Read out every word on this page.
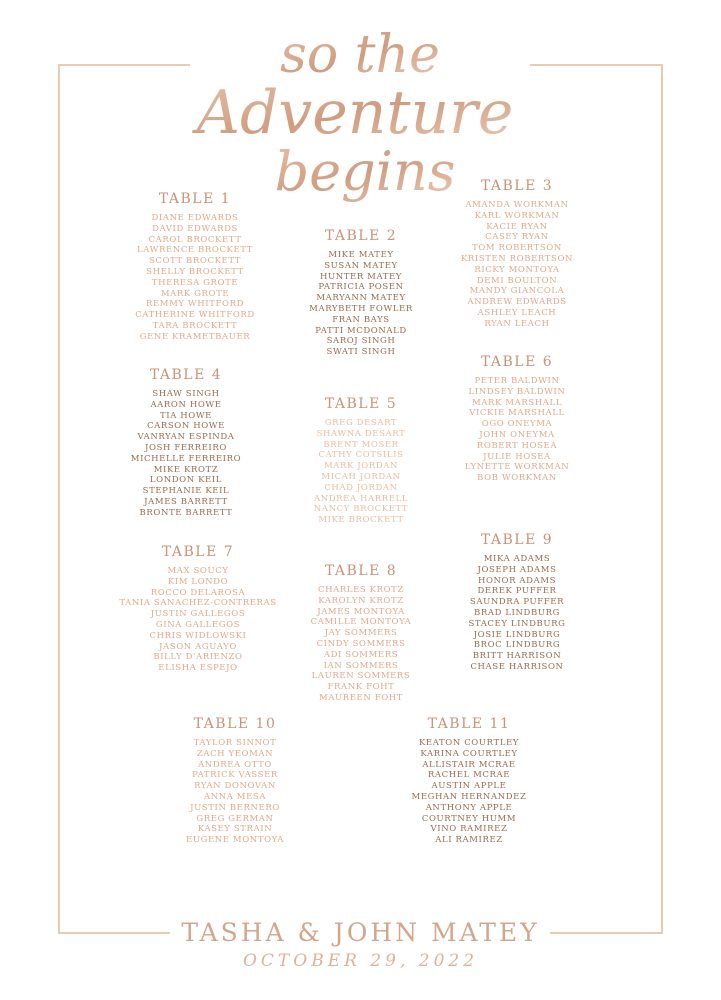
so the
Adventure
begins
TABLE 1
DIANE EDWARDS
DAVID EDWARDS
CAROL BROCKETT
LAWRENCE BROCKETT
SCOTT BROCKETT
SHELLY BROCKETT
THERESA GROTE
MARK GROTE
REMMY WHITFORD
CATHERINE WHITFORD
TARA BROCKETT
GENE KRAMETBAUER
TABLE 2
MIKE MATEY
SUSAN MATEY
HUNTER MATEY
PATRICIA POSEN
MARYANN MATEY
MARYBETH FOWLER
FRAN BAYS
PATTI MCDONALD
SAROJ SINGH
SWATI SINGH
TABLE 3
AMANDA WORKMAN
KARL WORKMAN
KACIE RYAN
CASEY RYAN
TOM ROBERTSON
KRISTEN ROBERTSON
RICKY MONTOYA
DEMI BOULTON
MANDY GIANCOLA
ANDREW EDWARDS
ASHLEY LEACH
RYAN LEACH
TABLE 4
SHAW SINGH
AARON HOWE
TIA HOWE
CARSON HOWE
VANRYAN ESPINDA
JOSH FERREIRO
MICHELLE FERREIRO
MIKE KROTZ
LONDON KEIL
STEPHANIE KEIL
JAMES BARRETT
BRONTE BARRETT
TABLE 5
GREG DESART
SHAWNA DESART
BRENT MOSER
CATHY COTSILIS
MARK JORDAN
MICAH JORDAN
CHAD JORDAN
ANDREA HARRELL
NANCY BROCKETT
MIKE BROCKETT
TABLE 6
PETER BALDWIN
LINDSEY BALDWIN
MARK MARSHALL
VICKIE MARSHALL
OGO ONEYMA
JOHN ONEYMA
ROBERT HOSEA
JULIE HOSEA
LYNETTE WORKMAN
BOB WORKMAN
TABLE 7
MAX SOUCY
KIM LONDO
ROCCO DELAROSA
TANIA SANACHEZ-CONTRERAS
JUSTIN GALLEGOS
GINA GALLEGOS
CHRIS WIDLOWSKI
JASON AGUAYO
BILLY D'ARIENZO
ELISHA ESPEJO
TABLE 8
CHARLES KROTZ
KAROLYN KROTZ
JAMES MONTOYA
CAMILLE MONTOYA
JAY SOMMERS
CINDY SOMMERS
ADI SOMMERS
IAN SOMMERS
LAUREN SOMMERS
FRANK FOHT
MAUREEN FOHT
TABLE 9
MIKA ADAMS
JOSEPH ADAMS
HONOR ADAMS
DEREK PUFFER
SAUNDRA PUFFER
BRAD LINDBURG
STACEY LINDBURG
JOSIE LINDBURG
BROC LINDBURG
BRITT HARRISON
CHASE HARRISON
TABLE 10
TAYLOR SINNOT
ZACH YEOMAN
ANDREA OTTO
PATRICK VASSER
RYAN DONOVAN
ANNA MESA
JUSTIN BERNERO
GREG GERMAN
KASEY STRAIN
EUGENE MONTOYA
TABLE 11
KEATON COURTLEY
KARINA COURTLEY
ALLISTAIR MCRAE
RACHEL MCRAE
AUSTIN APPLE
MEGHAN HERNANDEZ
ANTHONY APPLE
COURTNEY HUMM
VINO RAMIREZ
ALI RAMIREZ
TASHA & JOHN MATEY
OCTOBER 29, 2022
